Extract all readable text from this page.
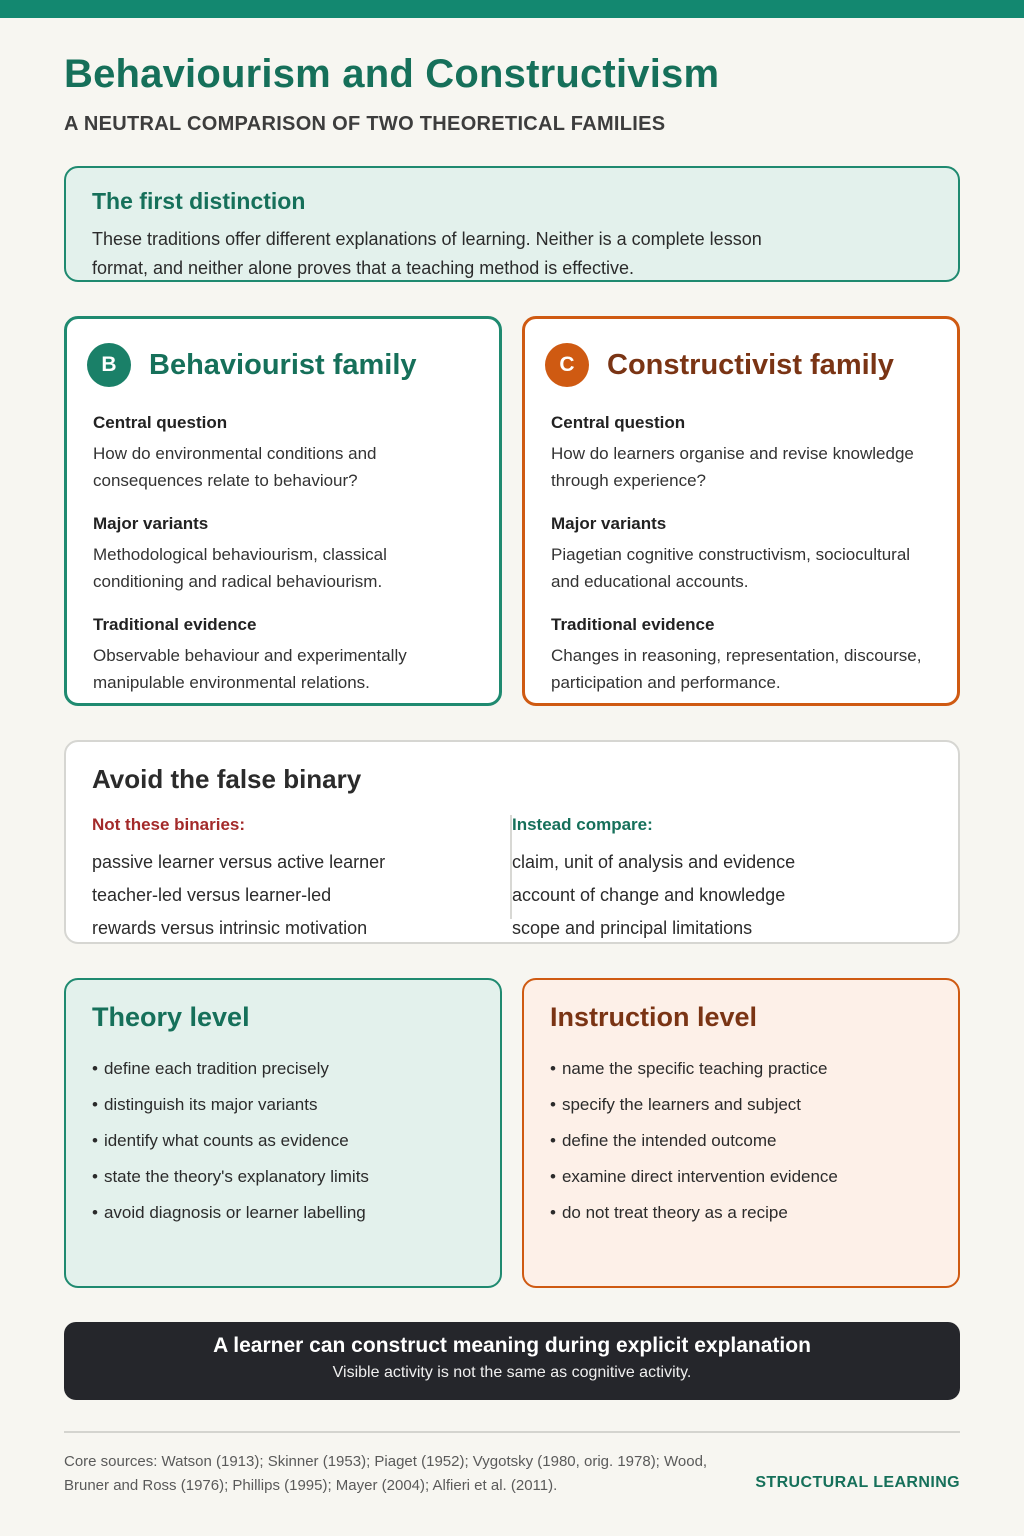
Behaviourism and Constructivism
A NEUTRAL COMPARISON OF TWO THEORETICAL FAMILIES
The first distinction

These traditions offer different explanations of learning. Neither is a complete lesson format, and neither alone proves that a teaching method is effective.

B	Behaviourist family
Central question

How do environmental conditions and consequences relate to behaviour?

Major variants

Methodological behaviourism, classical conditioning and radical behaviourism.

Traditional evidence

Observable behaviour and experimentally manipulable environmental relations.

C	Constructivist family
Central question

How do learners organise and revise knowledge through experience?

Major variants

Piagetian cognitive constructivism, sociocultural and educational accounts.

Traditional evidence

Changes in reasoning, representation, discourse, participation and performance.

Avoid the false binary
Not these binaries:
passive learner versus active learner
teacher-led versus learner-led
rewards versus intrinsic motivation
Instead compare:
claim, unit of analysis and evidence
account of change and knowledge
scope and principal limitations
Theory level
• define each tradition precisely
• distinguish its major variants
• identify what counts as evidence
• state the theory's explanatory limits
• avoid diagnosis or learner labelling
Instruction level
• name the specific teaching practice
• specify the learners and subject
• define the intended outcome
• examine direct intervention evidence
• do not treat theory as a recipe
A learner can construct meaning during explicit explanation
Visible activity is not the same as cognitive activity.
Core sources: Watson (1913); Skinner (1953); Piaget (1952); Vygotsky (1980, orig. 1978); Wood, Bruner and Ross (1976); Phillips (1995); Mayer (2004); Alfieri et al. (2011).	STRUCTURAL LEARNING
